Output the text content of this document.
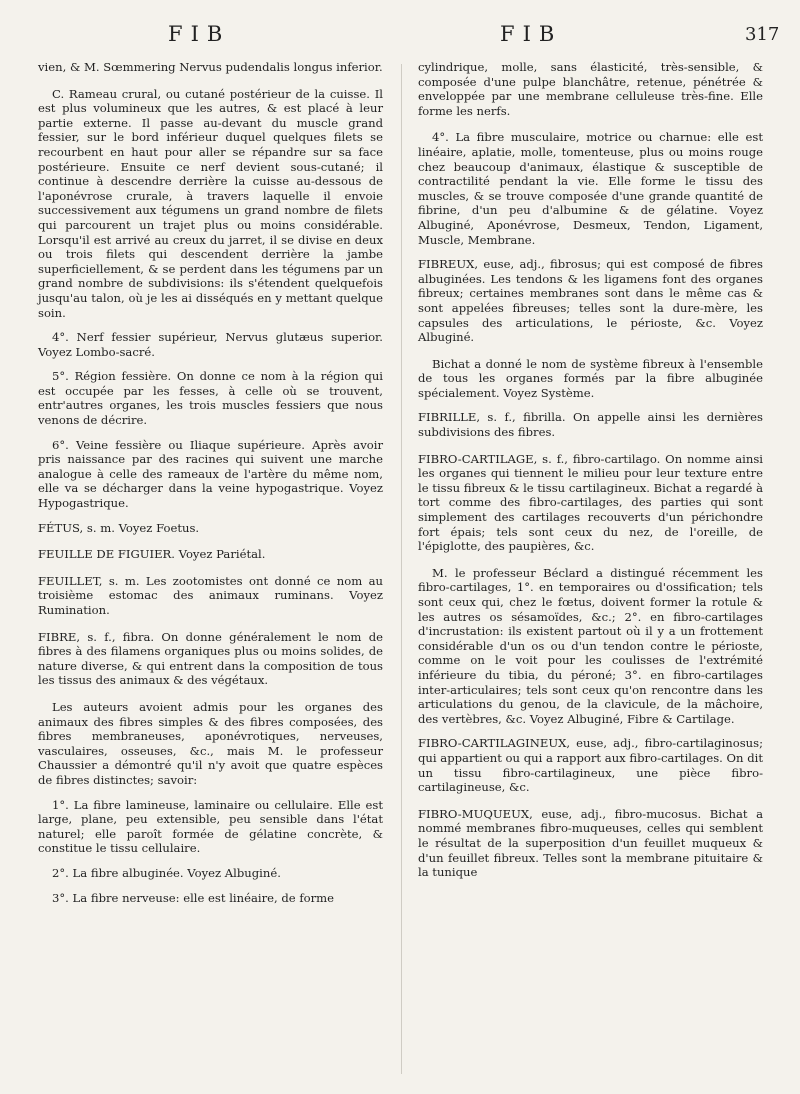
FIB	FIB	317

vien, & M. Sœmmering Nervus pudendalis longus inferior.

C. Rameau crural, ou cutané postérieur de la cuisse. Il est plus volumineux que les autres, & est placé à leur partie externe. Il passe au-devant du muscle grand fessier, sur le bord inférieur duquel quelques filets se recourbent en haut pour aller se répandre sur sa face postérieure. Ensuite ce nerf devient sous-cutané; il continue à descendre derrière la cuisse au-dessous de l'aponévrose crurale, à travers laquelle il envoie successivement aux tégumens un grand nombre de filets qui parcourent un trajet plus ou moins considérable. Lorsqu'il est arrivé au creux du jarret, il se divise en deux ou trois filets qui descendent derrière la jambe superficiellement, & se perdent dans les tégumens par un grand nombre de subdivisions: ils s'étendent quelquefois jusqu'au talon, où je les ai disséqués en y mettant quelque soin.

4°. Nerf fessier supérieur, Nervus glutæus superior. Voyez Lombo-sacré.

5°. Région fessière. On donne ce nom à la région qui est occupée par les fesses, à celle où se trouvent, entr'autres organes, les trois muscles fessiers que nous venons de décrire.

6°. Veine fessière ou Iliaque supérieure. Après avoir pris naissance par des racines qui suivent une marche analogue à celle des rameaux de l'artère du même nom, elle va se décharger dans la veine hypogastrique. Voyez Hypogastrique.

FÉTUS, s. m. Voyez Foetus.

FEUILLE DE FIGUIER. Voyez Pariétal.

FEUILLET, s. m. Les zootomistes ont donné ce nom au troisième estomac des animaux ruminans. Voyez Rumination.

FIBRE, s. f., fibra. On donne généralement le nom de fibres à des filamens organiques plus ou moins solides, de nature diverse, & qui entrent dans la composition de tous les tissus des animaux & des végétaux.

Les auteurs avoient admis pour les organes des animaux des fibres simples & des fibres composées, des fibres membraneuses, aponévrotiques, nerveuses, vasculaires, osseuses, &c., mais M. le professeur Chaussier a démontré qu'il n'y avoit que quatre espèces de fibres distinctes; savoir:

1°. La fibre lamineuse, laminaire ou cellulaire. Elle est large, plane, peu extensible, peu sensible dans l'état naturel; elle paroît formée de gélatine concrète, & constitue le tissu cellulaire.

2°. La fibre albuginée. Voyez Albuginé.

3°. La fibre nerveuse: elle est linéaire, de forme

cylindrique, molle, sans élasticité, très-sensible, & composée d'une pulpe blanchâtre, retenue, pénétrée & enveloppée par une membrane celluleuse très-fine. Elle forme les nerfs.

4°. La fibre musculaire, motrice ou charnue: elle est linéaire, aplatie, molle, tomenteuse, plus ou moins rouge chez beaucoup d'animaux, élastique & susceptible de contractilité pendant la vie. Elle forme le tissu des muscles, & se trouve composée d'une grande quantité de fibrine, d'un peu d'albumine & de gélatine. Voyez Albuginé, Aponévrose, Desmeux, Tendon, Ligament, Muscle, Membrane.

FIBREUX, euse, adj., fibrosus; qui est composé de fibres albuginées. Les tendons & les ligamens font des organes fibreux; certaines membranes sont dans le même cas & sont appelées fibreuses; telles sont la dure-mère, les capsules des articulations, le périoste, &c. Voyez Albuginé.

Bichat a donné le nom de système fibreux à l'ensemble de tous les organes formés par la fibre albuginée spécialement. Voyez Système.

FIBRILLE, s. f., fibrilla. On appelle ainsi les dernières subdivisions des fibres.

FIBRO-CARTILAGE, s. f., fibro-cartilago. On nomme ainsi les organes qui tiennent le milieu pour leur texture entre le tissu fibreux & le tissu cartilagineux. Bichat a regardé à tort comme des fibro-cartilages, des parties qui sont simplement des cartilages recouverts d'un périchondre fort épais; tels sont ceux du nez, de l'oreille, de l'épiglotte, des paupières, &c.

M. le professeur Béclard a distingué récemment les fibro-cartilages, 1°. en temporaires ou d'ossification; tels sont ceux qui, chez le fœtus, doivent former la rotule & les autres os sésamoïdes, &c.; 2°. en fibro-cartilages d'incrustation: ils existent partout où il y a un frottement considérable d'un os ou d'un tendon contre le périoste, comme on le voit pour les coulisses de l'extrémité inférieure du tibia, du péroné; 3°. en fibro-cartilages inter-articulaires; tels sont ceux qu'on rencontre dans les articulations du genou, de la clavicule, de la mâchoire, des vertèbres, &c. Voyez Albuginé, Fibre & Cartilage.

FIBRO-CARTILAGINEUX, euse, adj., fibro-cartilaginosus; qui appartient ou qui a rapport aux fibro-cartilages. On dit un tissu fibro-cartilagineux, une pièce fibro-cartilagineuse, &c.

FIBRO-MUQUEUX, euse, adj., fibro-mucosus. Bichat a nommé membranes fibro-muqueuses, celles qui semblent le résultat de la superposition d'un feuillet muqueux & d'un feuillet fibreux. Telles sont la membrane pituitaire & la tunique
